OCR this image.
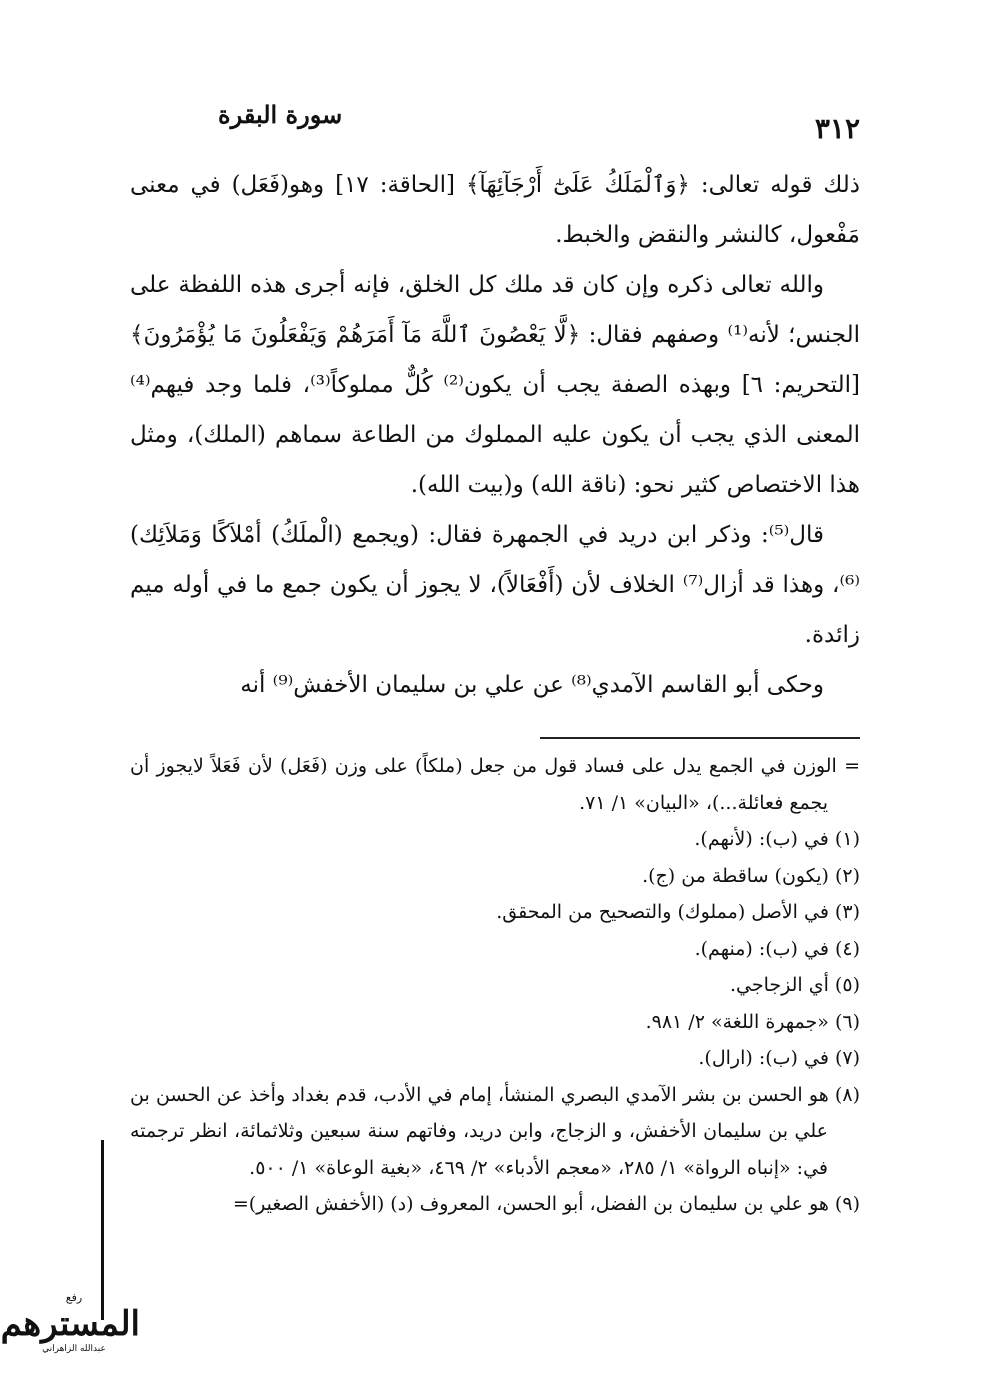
٣١٢
سورة البقرة

ذلك قوله تعالى: ﴿وَٱلْمَلَكُ عَلَىٰٓ أَرْجَآئِهَآ﴾ [الحاقة: ١٧] وهو(فَعَل) في معنى مَفْعول، كالنشر والنقض والخبط.

والله تعالى ذكره وإن كان قد ملك كل الخلق، فإنه أجرى هذه اللفظة على الجنس؛ لأنه⁽¹⁾ وصفهم فقال: ﴿لَّا يَعْصُونَ ٱللَّهَ مَآ أَمَرَهُمْ وَيَفْعَلُونَ مَا يُؤْمَرُونَ﴾ [التحريم: ٦] وبهذه الصفة يجب أن يكون⁽²⁾ كُلٌّ مملوكاً⁽³⁾، فلما وجد فيهم⁽⁴⁾ المعنى الذي يجب أن يكون عليه المملوك من الطاعة سماهم (الملك)، ومثل هذا الاختصاص كثير نحو: (ناقة الله) و(بيت الله).

قال⁽⁵⁾: وذكر ابن دريد في الجمهرة فقال: (ويجمع (الْملَكُ) أمْلاَكًا وَمَلاَئِك)⁽⁶⁾، وهذا قد أزال⁽⁷⁾ الخلاف لأن (أَفْعَالاً)، لا يجوز أن يكون جمع ما في أوله ميم زائدة.

وحكى أبو القاسم الآمدي⁽⁸⁾ عن علي بن سليمان الأخفش⁽⁹⁾ أنه

= الوزن في الجمع يدل على فساد قول من جعل (ملكاً) على وزن (فَعَل) لأن فَعَلاً لايجوز أن يجمع فعائلة...)، «البيان» ١/ ٧١.

(١) في (ب): (لأنهم).

(٢) (يكون) ساقطة من (ج).

(٣) في الأصل (مملوك) والتصحيح من المحقق.

(٤) في (ب): (منهم).

(٥) أي الزجاجي.

(٦) «جمهرة اللغة» ٢/ ٩٨١.

(٧) في (ب): (ارال).

(٨) هو الحسن بن بشر الآمدي البصري المنشأ، إمام في الأدب، قدم بغداد وأخذ عن الحسن بن علي بن سليمان الأخفش، و الزجاج، وابن دريد، وفاتهم سنة سبعين وثلاثمائة، انظر ترجمته في: «إنباه الرواة» ١/ ٢٨٥، «معجم الأدباء» ٢/ ٤٦٩، «بغية الوعاة» ١/ ٥٠٠.

(٩) هو علي بن سليمان بن الفضل، أبو الحسن، المعروف (د) (الأخفش الصغير)=

رفع
المسترهم
عبدالله الزاهراني
